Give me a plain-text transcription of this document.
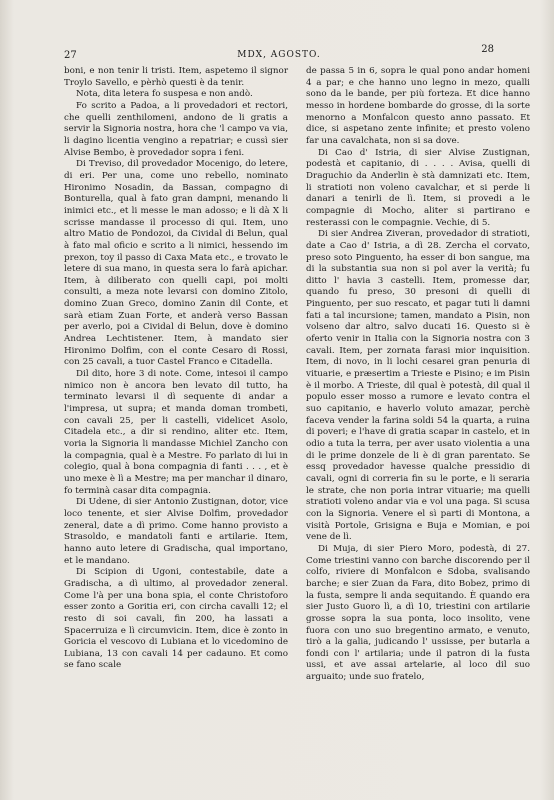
27	MDX, AGOSTO.	28

boni, e non tenir li tristi. Item, aspetemo il signor Troylo Savello, e pèrhò questi è da tenir.

Nota, dita letera fo suspesa e non andò.

Fo scrito a Padoa, a li provedadori et rectori, che quelli zenthilomeni, andono de li gratis a servir la Signoria nostra, hora che 'l campo va via, li dagino licentia vengino a repatriar; e cussì sier Alvise Bembo, è provedador sopra i feni.

Di Treviso, dil provedador Mocenigo, do letere, di eri. Per una, come uno rebello, nominato Hironimo Nosadin, da Bassan, compagno di Bonturella, qual à fato gran dampni, menando li inimici etc., et li messe le man adosso; e li dà X li scrisse mandasse il processo di qui. Item, uno altro Matio de Pondozoi, da Cividal di Belun, qual à fato mal oficio e scrito a li nimici, hessendo im prexon, toy il passo di Caxa Mata etc., e trovato le letere di sua mano, in questa sera lo farà apichar. Item, à diliberato con quelli capi, poi molti consulti, a meza note levarsi con domino Zitolo, domino Zuan Greco, domino Zanin dil Conte, et sarà etiam Zuan Forte, et anderà verso Bassan per averlo, poi a Cividal di Belun, dove è domino Andrea Lechtistener. Item, à mandato sier Hironimo Dolfim, con el conte Cesaro di Rossi, con 25 cavali, a tuor Castel Franco e Citadella.

Dil dito, hore 3 di note. Come, intesoi il campo nimico non è ancora ben levato dil tutto, ha terminato levarsi il dì sequente di andar a l'impresa, ut supra; et manda doman trombeti, con cavali 25, per li castelli, videlicet Asolo, Citadela etc., a dir si rendino, aliter etc. Item, voria la Signoria li mandasse Michiel Zancho con la compagnia, qual è a Mestre. Fo parlato di lui in colegio, qual à bona compagnia di fanti . . . , et è uno mexe è lì a Mestre; ma per manchar il dinaro, fo terminà casar dita compagnia.

Di Udene, di sier Antonio Zustignan, dotor, vice loco tenente, et sier Alvise Dolfim, provedador zeneral, date a dì primo. Come hanno provisto a Strasoldo, e mandatoli fanti e artilarie. Item, hanno auto letere di Gradischa, qual importano, et le mandano.

Di Scipion di Ugoni, contestabile, date a Gradischa, a dì ultimo, al provedador zeneral. Come l'à per una bona spia, el conte Christoforo esser zonto a Goritia eri, con circha cavalli 12; el resto di soi cavali, fin 200, ha lassati a Spacerruiza e lì circumvicin. Item, dice è zonto in Goricia el vescovo di Lubiana et lo vicedomino de Lubiana, 13 con cavali 14 per cadauno. Et como se fano scale

de passa 5 in 6, sopra le qual pono andar homeni 4 a par; e che hanno uno legno in mezo, qualli sono da le bande, per più forteza. Et dice hanno messo in hordene bombarde do grosse, di la sorte menorno a Monfalcon questo anno passato. Et dice, si aspetano zente infinite; et presto voleno far una cavalchata, non si sa dove.

Di Cao d' Istria, di sier Alvise Zustignan, podestà et capitanio, di . . . . Avisa, quelli di Draguchio da Anderlin è stà damnizati etc. Item, li stratioti non voleno cavalchar, et si perde li danari a tenirli de lì. Item, si provedi a le compagnie di Mocho, aliter si partirano e resterassi con le compagnie. Vechie, di 5.

Di sier Andrea Ziveran, provedador di stratioti, date a Cao d' Istria, a dì 28. Zercha el corvato, preso soto Pinguento, ha esser di bon sangue, ma di la substantia sua non si pol aver la verità; fu ditto l' havia 3 castelli. Item, promesse dar, quando fu preso, 30 presoni di quelli di Pinguento, per suo rescato, et pagar tuti li damni fati a tal incursione; tamen, mandato a Pisin, non volseno dar altro, salvo ducati 16. Questo si è oferto venir in Italia con la Signoria nostra con 3 cavali. Item, per zornata farasi mior inquisition. Item, di novo, in li lochi cesarei gran penuria di vituarie, e præsertim a Trieste e Pisino; e im Pisin è il morbo. A Trieste, dil qual è potestà, dil qual il populo esser mosso a rumore e levato contra el suo capitanio, e haverlo voluto amazar, perchè faceva vender la farina soldi 54 la quarta, a ruina di poveri; e l'have di gratia scapar in castelo, et in odio a tuta la terra, per aver usato violentia a una di le prime donzele de li è di gran parentato. Se essq provedador havesse qualche pressidio di cavali, ogni di correria fin su le porte, e li seraria le strate, che non poria intrar vituarie; ma quelli stratioti voleno andar via e vol una paga. Si scusa con la Signoria. Venere el sì parti di Montona, a visità Portole, Grisigna e Buja e Momian, e poi vene de lì.

Di Muja, di sier Piero Moro, podestà, di 27. Come triestini vanno con barche discorendo per il colfo, riviere di Monfalcon e Sdoba, svalisando barche; e sier Zuan da Fara, dito Bobez, primo di la fusta, sempre li anda sequitando. È quando era sier Justo Guoro lì, a dì 10, triestini con artilarie grosse sopra la sua ponta, loco insolito, vene fuora con uno suo bregentino armato, e venuto, tirò a la galia, judicando l' ussisse, per butarla a fondi con l' artilaria; unde il patron di la fusta ussi, et ave assai artelarie, al loco dil suo arguaito; unde suo fratelo,
